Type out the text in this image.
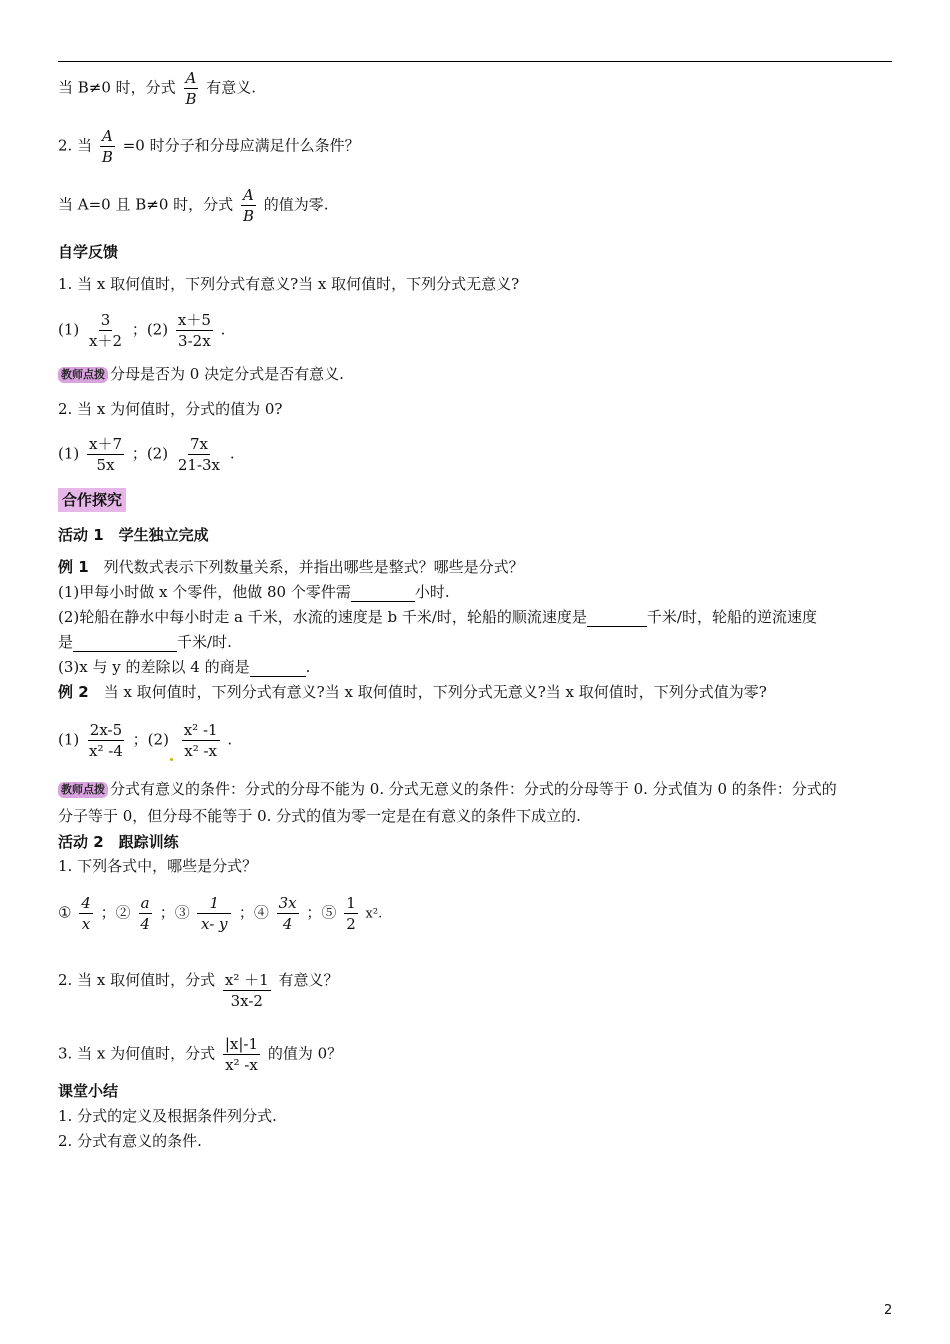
当 B≠0 时，分式 $\frac{A}{B}$ 有意义.
2. 当 $\frac{A}{B} =0$ 时分子和分母应满足什么条件？
当 A=0 且 B≠0 时，分式 $\frac{A}{B}$ 的值为零.
自学反馈
1. 当 x 取何值时，下列分式有意义?当 x 取何值时，下列分式无意义?
$(1) \frac{3}{x+2}$ ；$(2) \frac{x+5}{3-2x}$ .
教师点拨 分母是否为 0 决定分式是否有意义.
2. 当 x 为何值时，分式的值为 0?
$(1) \frac{x+7}{5x}$ ；$(2) \frac{7x}{21-3x}$ .
合作探究
活动 1　学生独立完成
例 1　列代数式表示下列数量关系，并指出哪些是整式？哪些是分式？
(1)甲每小时做 x 个零件，他做 80 个零件需	小时.
(2)轮船在静水中每小时走 a 千米，水流的速度是 b 千米/时，轮船的顺流速度是	千米/时，轮船的逆流速度
是	千米/时.
(3)x 与 y 的差除以 4 的商是	.
例 2　当 x 取何值时，下列分式有意义?当 x 取何值时，下列分式无意义?当 x 取何值时，下列分式值为零?
$(1) \frac{2x-5}{\text{x² -4}}$ ；$(2) \frac{\text{x² -1}}{\text{x² -x}}$ .
教师点拨 分式有意义的条件：分式的分母不能为 0. 分式无意义的条件：分式的分母等于 0. 分式值为 0 的条件：分式的
分子等于 0，但分母不能等于 0. 分式的值为零一定是在有意义的条件下成立的.
活动 2　跟踪训练
1. 下列各式中，哪些是分式？
① $\frac{4}{x}$ ；② $\frac{a}{4}$ ；③ $\frac{1}{x- y}$ ；④ $\frac{3x}{4}$ ；⑤ $\frac{1}{2} x^2$.
2. 当 x 取何值时，分式 $\frac{\text{x² ＋1}}{3x-2}$ 有意义？
3. 当 x 为何值时，分式 $\frac{|x|-1}{\text{x² -x}}$ 的值为 0？
课堂小结
1. 分式的定义及根据条件列分式.
2. 分式有意义的条件.
2
